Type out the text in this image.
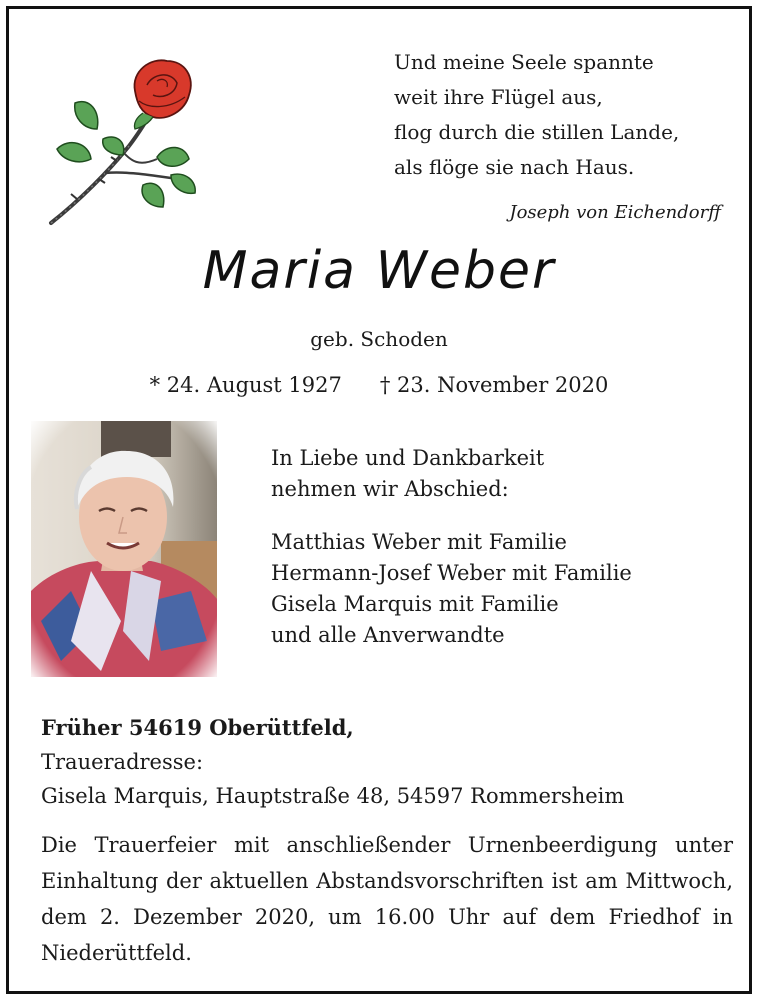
Und meine Seele spannte
weit ihre Flügel aus,
flog durch die stillen Lande,
als flöge sie nach Haus.
Joseph von Eichendorff
Maria Weber
geb. Schoden
* 24. August 1927 † 23. November 2020
In Liebe und Dankbarkeit
nehmen wir Abschied:
Matthias Weber mit Familie
Hermann-Josef Weber mit Familie
Gisela Marquis mit Familie
und alle Anverwandte
Früher 54619 Oberüttfeld,
Traueradresse:
Gisela Marquis, Hauptstraße 48, 54597 Rommersheim
Die Trauerfeier mit anschließender Urnenbeerdigung unter Einhaltung der aktuellen Abstandsvorschriften ist am Mittwoch, dem 2. Dezember 2020, um 16.00 Uhr auf dem Friedhof in Niederüttfeld.
